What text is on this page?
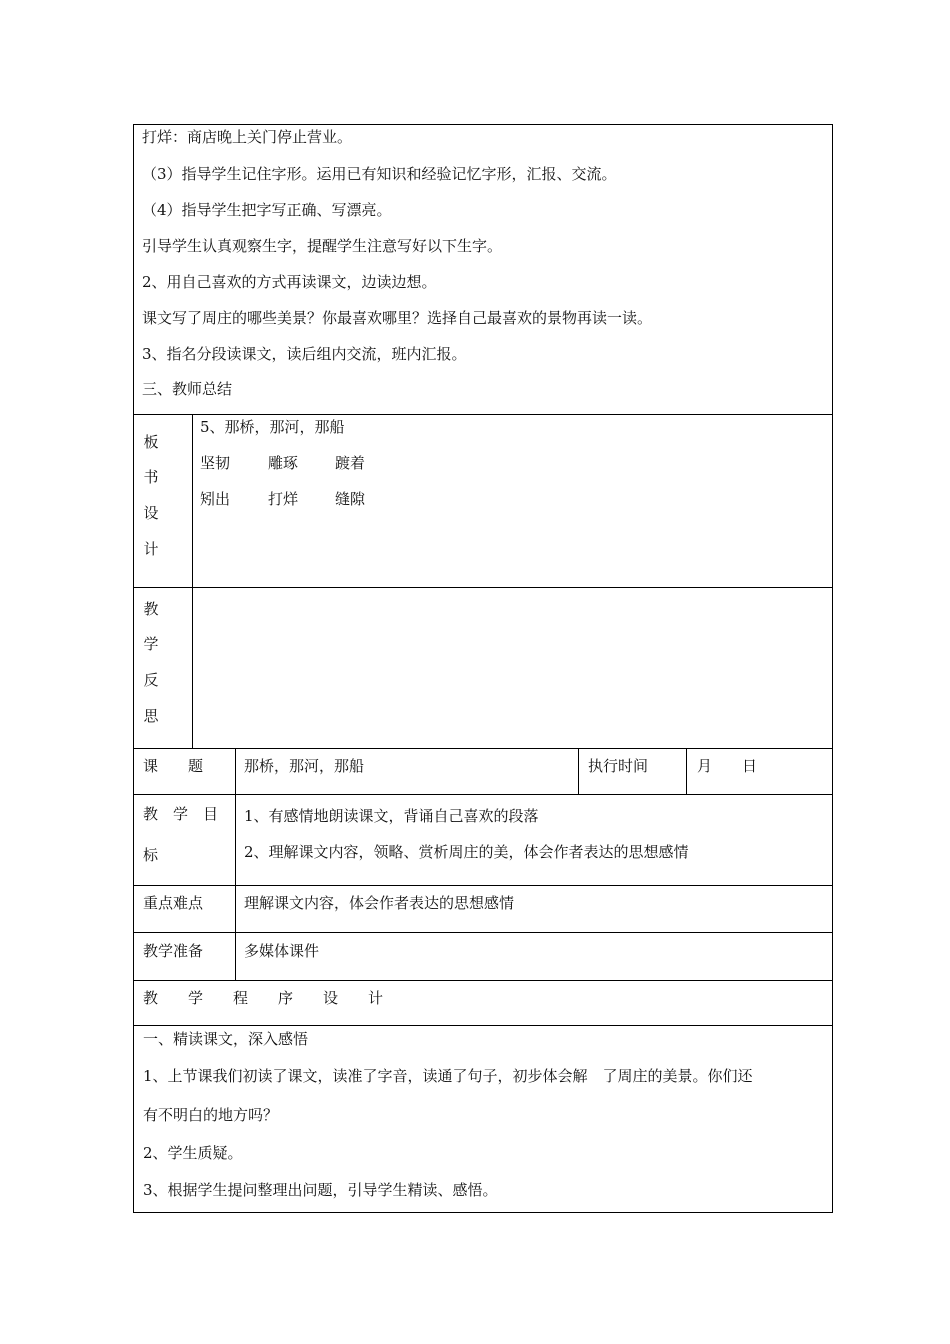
打烊：商店晚上关门停止营业。
（3）指导学生记住字形。运用已有知识和经验记忆字形，汇报、交流。
（4）指导学生把字写正确、写漂亮。
引导学生认真观察生字，提醒学生注意写好以下生字。
2、用自己喜欢的方式再读课文，边读边想。
课文写了周庄的哪些美景？你最喜欢哪里？选择自己最喜欢的景物再读一读。
3、指名分段读课文，读后组内交流，班内汇报。
三、教师总结
板
书
设
计
5、那桥，那河，那船
坚韧	雕琢 踱着
矧出	打烊 缝隙
教
学
反
思
课　　题	那桥，那河，那船	执行时间	月　　日
教　学　目
标
1、有感情地朗读课文，背诵自己喜欢的段落
2、理解课文内容，领略、赏析周庄的美，体会作者表达的思想感情
重点难点	理解课文内容，体会作者表达的思想感情
教学准备	多媒体课件
教　　学　　程　　序　　设　　计
一、精读课文，深入感悟
1、上节课我们初读了课文，读准了字音，读通了句子，初步体会解　了周庄的美景。你们还
有不明白的地方吗？
2、学生质疑。
3、根据学生提问整理出问题，引导学生精读、感悟。
